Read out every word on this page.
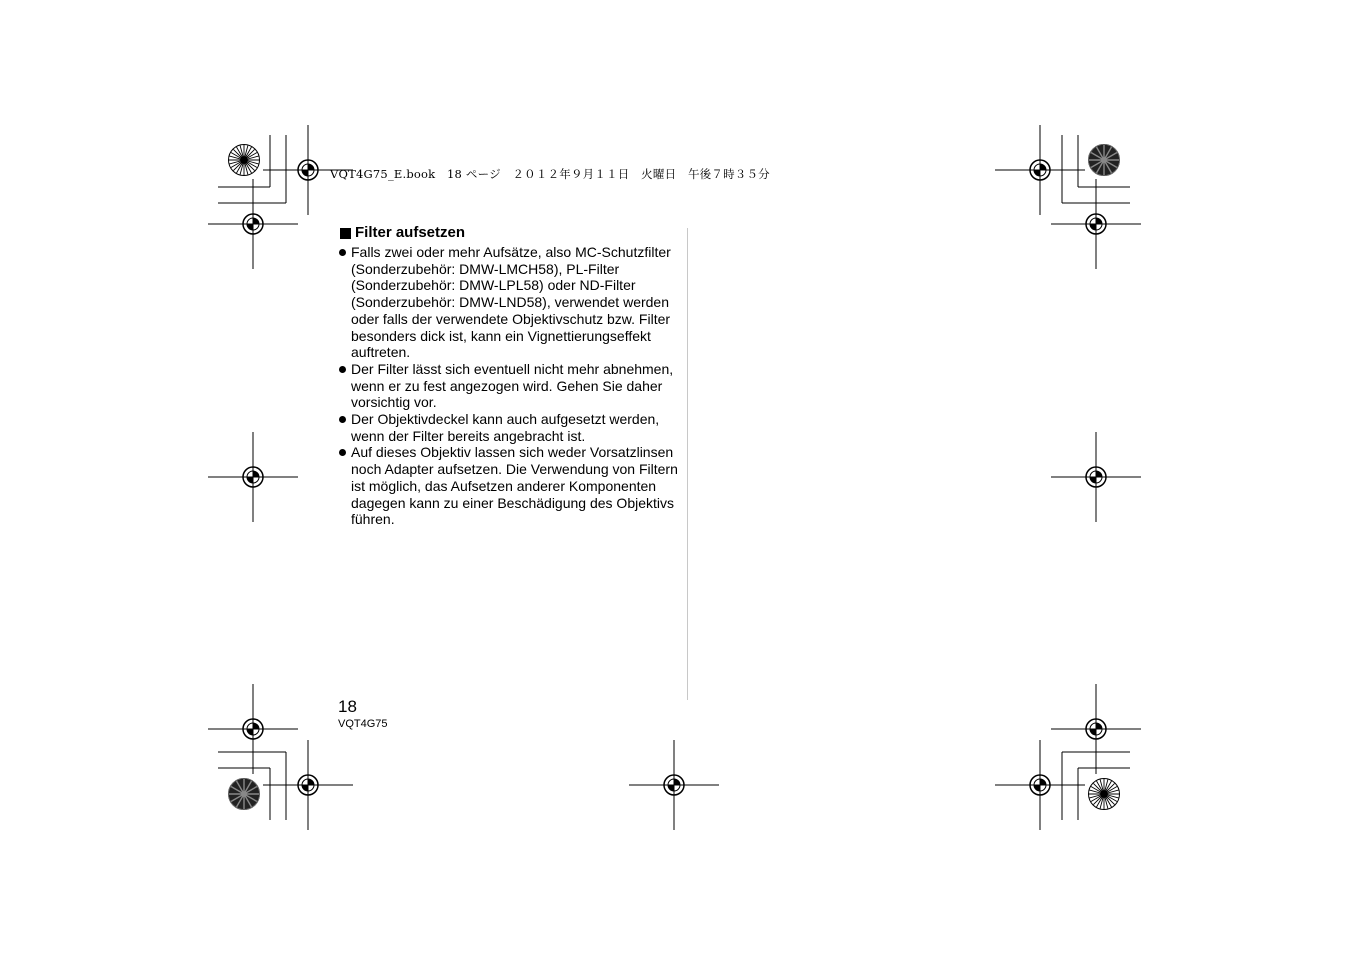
VQT4G75_E.book　18 ページ　２０１２年９月１１日　火曜日　午後７時３５分

Filter aufsetzen
Falls zwei oder mehr Aufsätze, also MC-Schutzfilter (Sonderzubehör: DMW-LMCH58), PL-Filter (Sonderzubehör: DMW-LPL58) oder ND-Filter (Sonderzubehör: DMW-LND58), verwendet werden oder falls der verwendete Objektivschutz bzw. Filter besonders dick ist, kann ein Vignettierungseffekt auftreten.
Der Filter lässt sich eventuell nicht mehr abnehmen, wenn er zu fest angezogen wird. Gehen Sie daher vorsichtig vor.
Der Objektivdeckel kann auch aufgesetzt werden, wenn der Filter bereits angebracht ist.
Auf dieses Objektiv lassen sich weder Vorsatzlinsen noch Adapter aufsetzen. Die Verwendung von Filtern ist möglich, das Aufsetzen anderer Komponenten dagegen kann zu einer Beschädigung des Objektivs führen.

18

VQT4G75
